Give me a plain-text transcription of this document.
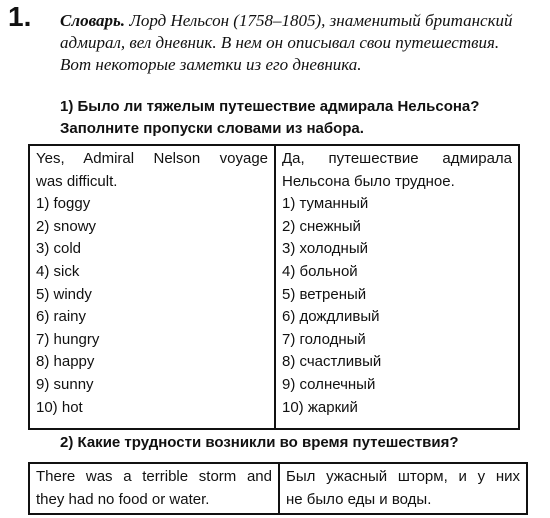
1. Словарь. Лорд Нельсон (1758–1805), знаменитый британский адмирал, вел дневник. В нем он описывал свои путешествия. Вот некоторые заметки из его дневника.
1) Было ли тяжелым путешествие адмирала Нельсона? Заполните пропуски словами из набора.
Yes, Admiral Nelson voyage
was difficult.
1) foggy
2) snowy
3) cold
4) sick
5) windy
6) rainy
7) hungry
8) happy
9) sunny
10) hot

Да, путешествие адмирала
Нельсона было трудное.
1) туманный
2) снежный
3) холодный
4) больной
5) ветреный
6) дождливый
7) голодный
8) счастливый
9) солнечный
10) жаркий
2) Какие трудности возникли во время путешествия?
There was a terrible storm and
they had no food or water.

Был ужасный шторм, и у них
не было еды и воды.
